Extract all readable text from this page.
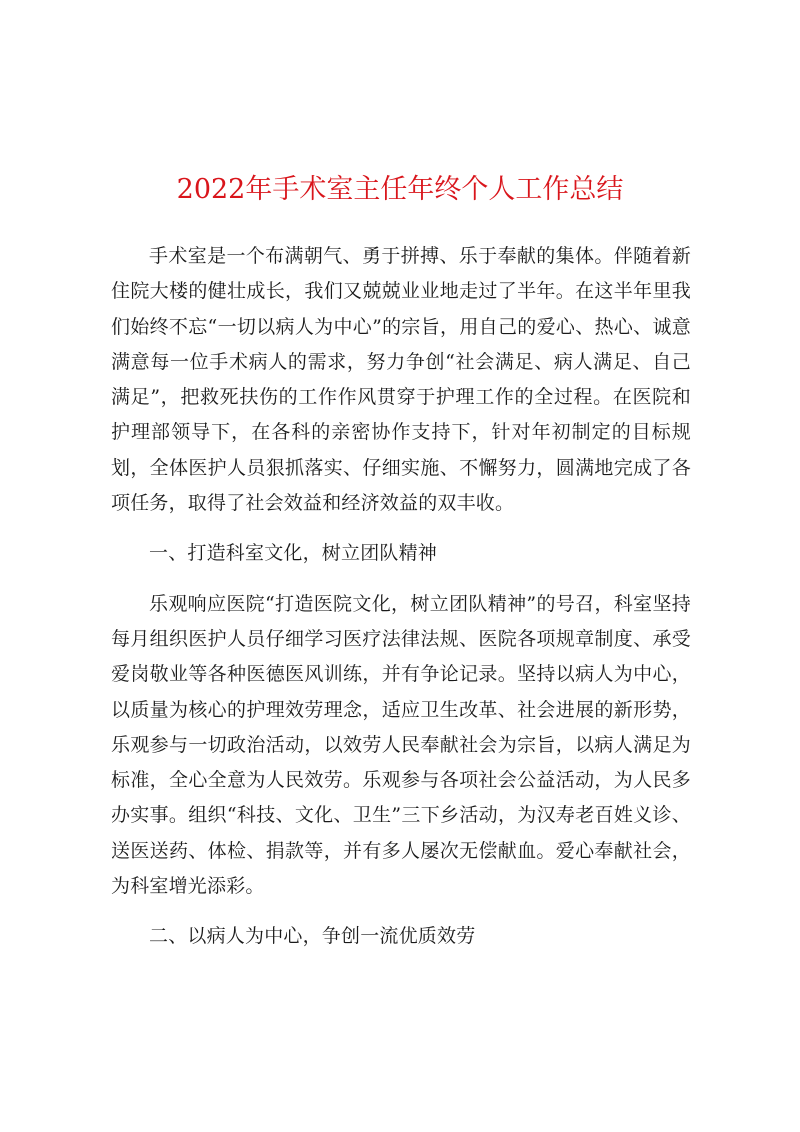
2022年手术室主任年终个人工作总结

手术室是一个布满朝气、勇于拼搏、乐于奉献的集体。伴随着新住院大楼的健壮成长，我们又兢兢业业地走过了半年。在这半年里我们始终不忘“一切以病人为中心”的宗旨，用自己的爱心、热心、诚意满意每一位手术病人的需求，努力争创“社会满足、病人满足、自己满足”，把救死扶伤的工作作风贯穿于护理工作的全过程。在医院和护理部领导下，在各科的亲密协作支持下，针对年初制定的目标规划，全体医护人员狠抓落实、仔细实施、不懈努力，圆满地完成了各项任务，取得了社会效益和经济效益的双丰收。

一、打造科室文化，树立团队精神

乐观响应医院“打造医院文化，树立团队精神”的号召，科室坚持每月组织医护人员仔细学习医疗法律法规、医院各项规章制度、承受爱岗敬业等各种医德医风训练，并有争论记录。坚持以病人为中心，以质量为核心的护理效劳理念，适应卫生改革、社会进展的新形势，乐观参与一切政治活动，以效劳人民奉献社会为宗旨，以病人满足为标准，全心全意为人民效劳。乐观参与各项社会公益活动，为人民多办实事。组织“科技、文化、卫生”三下乡活动，为汉寿老百姓义诊、送医送药、体检、捐款等，并有多人屡次无偿献血。爱心奉献社会，为科室增光添彩。

二、以病人为中心，争创一流优质效劳
